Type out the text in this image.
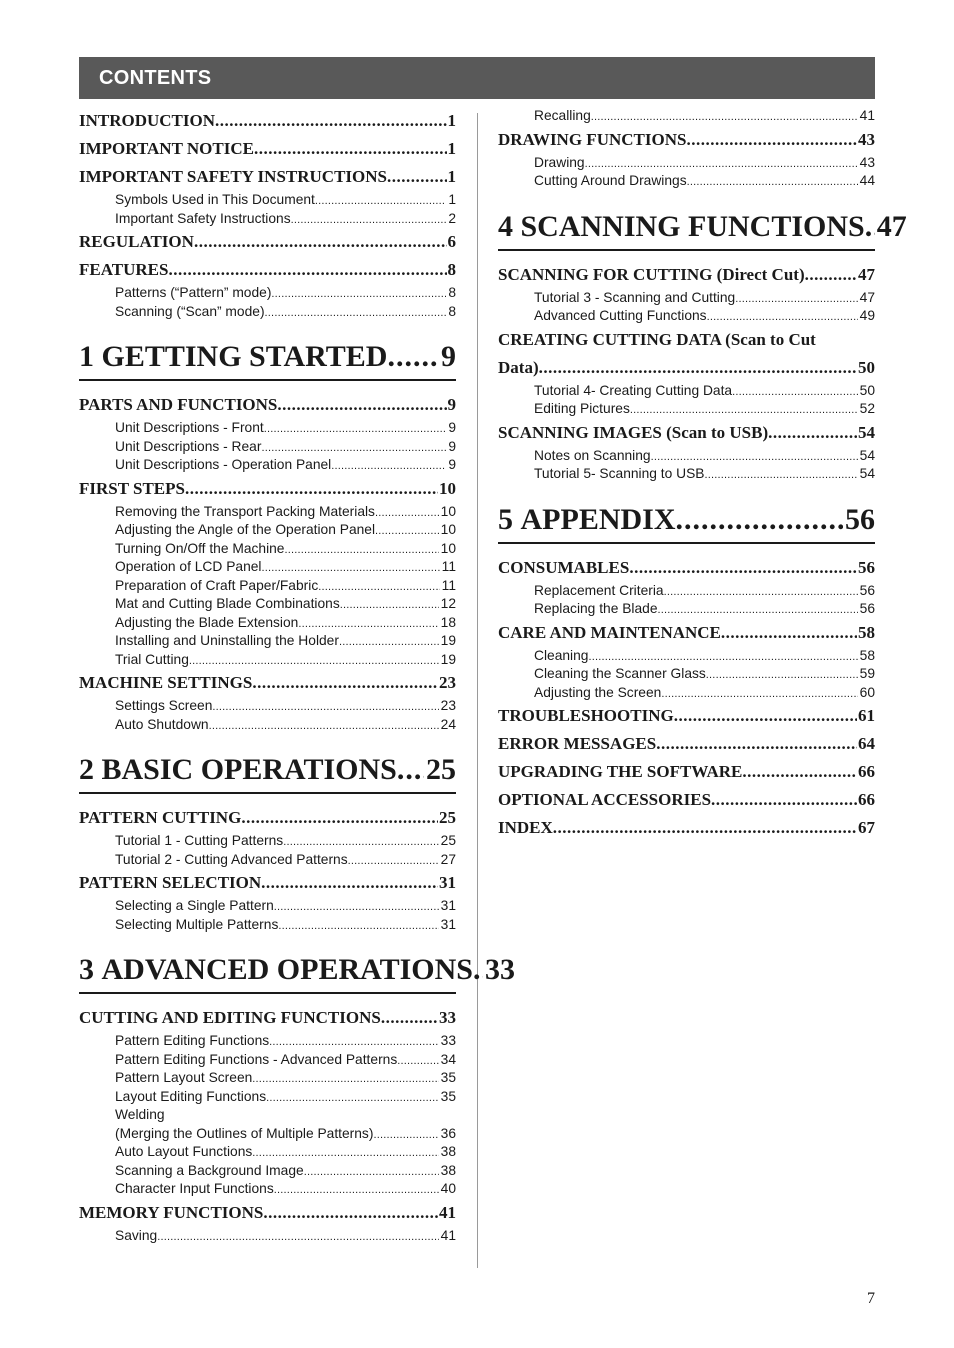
CONTENTS
INTRODUCTION .....	1
IMPORTANT NOTICE .....	1
IMPORTANT SAFETY INSTRUCTIONS .....	1
Symbols Used in This Document .....	1
Important Safety Instructions .....	2
REGULATION .....	6
FEATURES .....	8
Patterns (“Pattern” mode) .....	8
Scanning (“Scan” mode) .....	8
1 GETTING STARTED ..... 9
PARTS AND FUNCTIONS .....	9
Unit Descriptions - Front .....	9
Unit Descriptions - Rear .....	9
Unit Descriptions - Operation Panel .....	9
FIRST STEPS .....	10
Removing the Transport Packing Materials .....	10
Adjusting the Angle of the Operation Panel .....	10
Turning On/Off the Machine .....	10
Operation of LCD Panel .....	11
Preparation of Craft Paper/Fabric .....	11
Mat and Cutting Blade Combinations .....	12
Adjusting the Blade Extension .....	18
Installing and Uninstalling the Holder .....	19
Trial Cutting .....	19
MACHINE SETTINGS .....	23
Settings Screen .....	23
Auto Shutdown .....	24
2 BASIC OPERATIONS ..... 25
PATTERN CUTTING .....	25
Tutorial 1 - Cutting Patterns .....	25
Tutorial 2 - Cutting Advanced Patterns .....	27
PATTERN SELECTION .....	31
Selecting a Single Pattern .....	31
Selecting Multiple Patterns .....	31
3 ADVANCED OPERATIONS ..... 33
CUTTING AND EDITING FUNCTIONS .....	33
Pattern Editing Functions .....	33
Pattern Editing Functions - Advanced Patterns .....	34
Pattern Layout Screen .....	35
Layout Editing Functions .....	35
Welding
(Merging the Outlines of Multiple Patterns) .....	36
Auto Layout Functions .....	38
Scanning a Background Image .....	38
Character Input Functions .....	40
MEMORY FUNCTIONS .....	41
Saving .....	41
Recalling .....	41
DRAWING FUNCTIONS .....	43
Drawing .....	43
Cutting Around Drawings .....	44
4 SCANNING FUNCTIONS ..... 47
SCANNING FOR CUTTING (Direct Cut) .....	47
Tutorial 3 - Scanning and Cutting .....	47
Advanced Cutting Functions .....	49
CREATING CUTTING DATA (Scan to Cut
Data) .....	50
Tutorial 4- Creating Cutting Data .....	50
Editing Pictures .....	52
SCANNING IMAGES (Scan to USB) .....	54
Notes on Scanning .....	54
Tutorial 5- Scanning to USB .....	54
5 APPENDIX .....	56
CONSUMABLES .....	56
Replacement Criteria .....	56
Replacing the Blade .....	56
CARE AND MAINTENANCE .....	58
Cleaning .....	58
Cleaning the Scanner Glass .....	59
Adjusting the Screen .....	60
TROUBLESHOOTING .....	61
ERROR MESSAGES .....	64
UPGRADING THE SOFTWARE .....	66
OPTIONAL ACCESSORIES .....	66
INDEX .....	67
7
